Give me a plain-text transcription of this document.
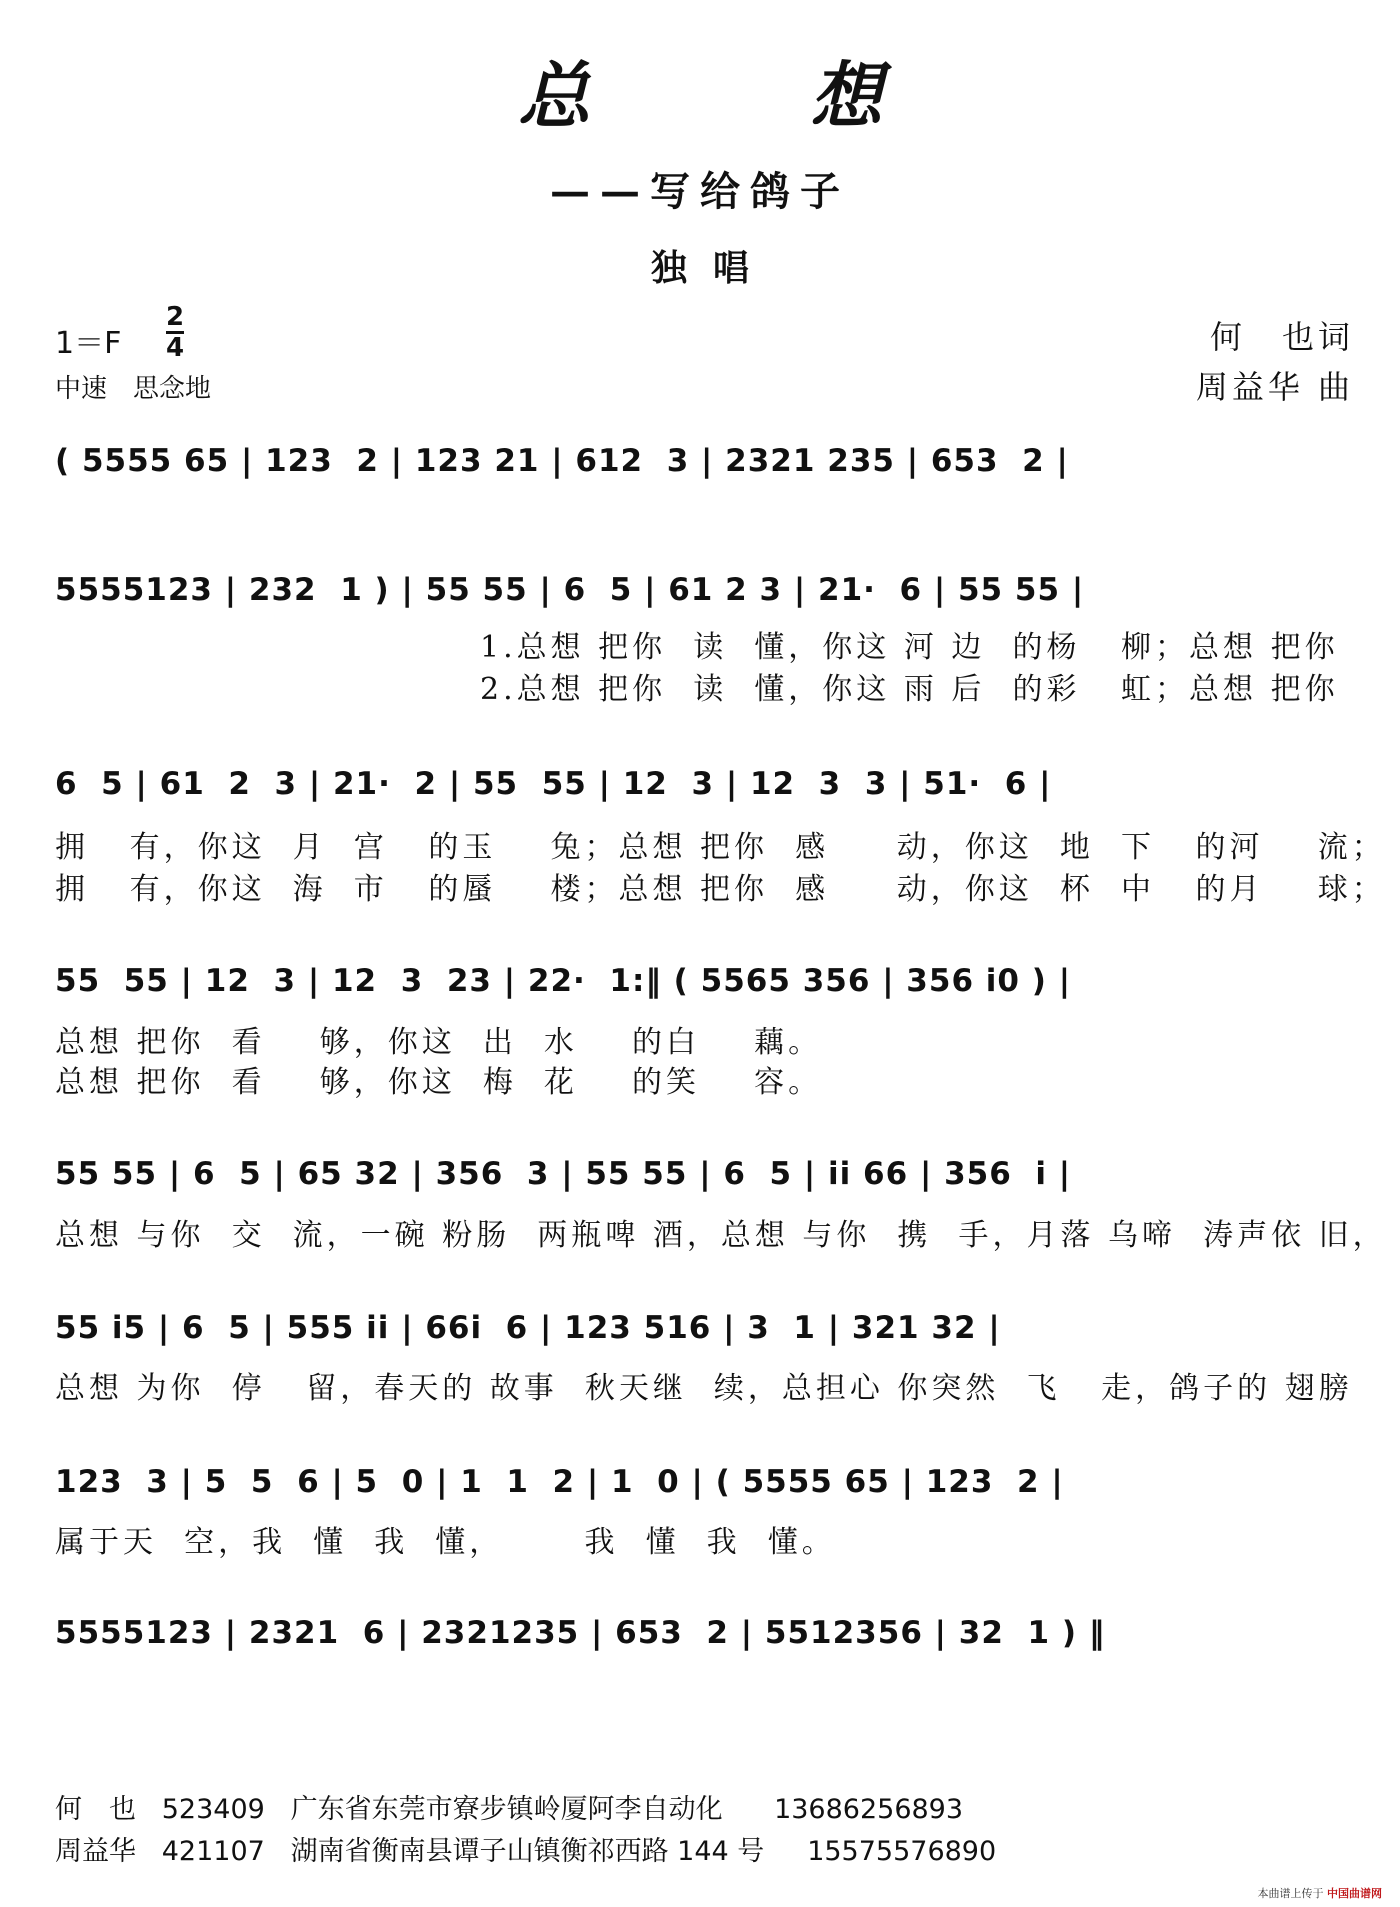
总想
——写给鸽子
独唱
1＝F
2
4
中速　思念地
何　也词
周益华 曲
( 5555 65 | 123  2 | 123 21 | 612  3 | 2321 235 | 653  2 |
5555123 | 232  1 ) | 55 55 | 6  5 | 61 2 3 | 21·  6 | 55 55 |
1.总想 把你  读  懂，你这 河 边  的杨   柳；总想 把你
2.总想 把你  读  懂，你这 雨 后  的彩   虹；总想 把你
6  5 | 61  2  3 | 21·  2 | 55  55 | 12  3 | 12  3  3 | 51·  6 |
拥   有，你这  月  宫   的玉    兔；总想 把你  感     动，你这  地  下   的河    流；
拥   有，你这  海  市   的蜃    楼；总想 把你  感     动，你这  杯  中   的月    球；
55  55 | 12  3 | 12  3  23 | 22·  1:‖ ( 5565 356 | 356 i0 ) |
总想 把你  看    够，你这  出  水    的白    藕。
总想 把你  看    够，你这  梅  花    的笑    容。
55 55 | 6  5 | 65 32 | 356  3 | 55 55 | 6  5 | ii 66 | 356  i |
总想 与你  交  流，一碗 粉肠  两瓶啤 酒，总想 与你  携  手，月落 乌啼  涛声依 旧，
55 i5 | 6  5 | 555 ii | 66i  6 | 123 516 | 3  1 | 321 32 |
总想 为你  停   留，春天的 故事  秋天继  续，总担心 你突然  飞   走，鸽子的 翅膀
123  3 | 5  5  6 | 5  0 | 1  1  2 | 1  0 | ( 5555 65 | 123  2 |
属于天  空，我  懂  我  懂，      我  懂  我  懂。
5555123 | 2321  6 | 2321235 | 653  2 | 5512356 | 32  1 ) ‖
何　也 523409 广东省东莞市寮步镇岭厦阿李自动化 13686256893
周益华 421107 湖南省衡南县谭子山镇衡祁西路 144 号 15575576890
本曲谱上传于 中国曲谱网
